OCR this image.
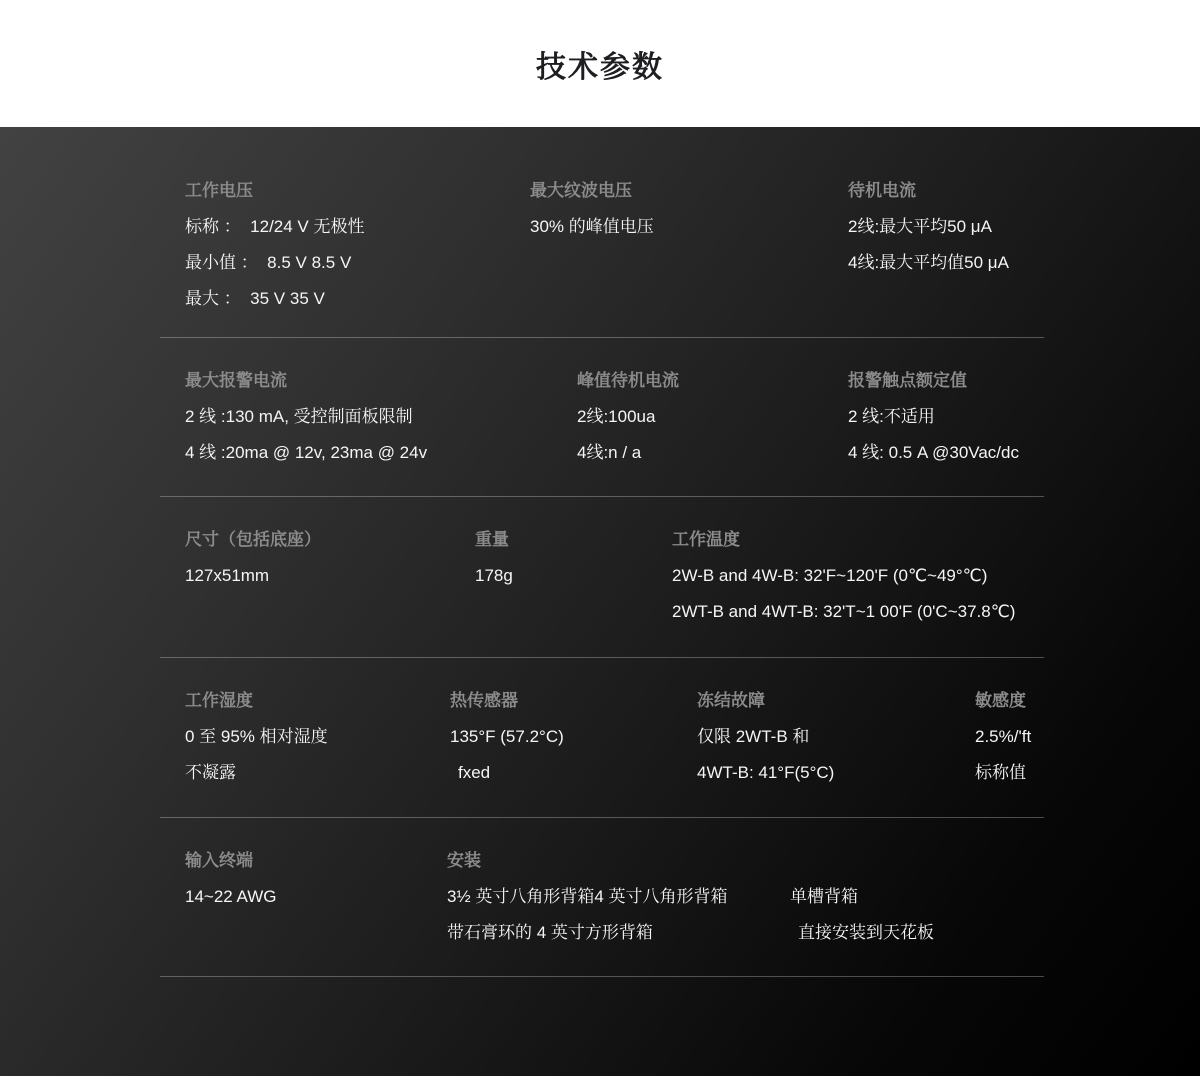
技术参数
工作电压
标称 ：  12/24 V 无极性
最小值 ：  8.5 V 8.5 V
最大 ：  35 V 35 V
最大纹波电压
30% 的峰值电压
待机电流
2线:最大平均50 μA
4线:最大平均值50 μA
最大报警电流
2 线 :130 mA, 受控制面板限制
4 线 :20ma @ 12v, 23ma @ 24v
峰值待机电流
2线:100ua
4线:n / a
报警触点额定值
2 线:不适用
4 线: 0.5 A @30Vac/dc
尺寸（包括底座）
127x51mm
重量
178g
工作温度
2W-B and 4W-B: 32'F~120'F (0℃~49°℃)
2WT-B and 4WT-B: 32'T~1 00'F (0'C~37.8℃)
工作湿度
0 至 95% 相对湿度
不凝露
热传感器
135°F (57.2°C)
fxed
冻结故障
仅限 2WT-B 和
4WT-B: 41°F(5°C)
敏感度
2.5%/'ft
标称值
输入终端
14~22 AWG
安装
3½ 英寸八角形背箱4 英寸八角形背箱	单槽背箱
带石膏环的 4 英寸方形背箱	直接安装到天花板
